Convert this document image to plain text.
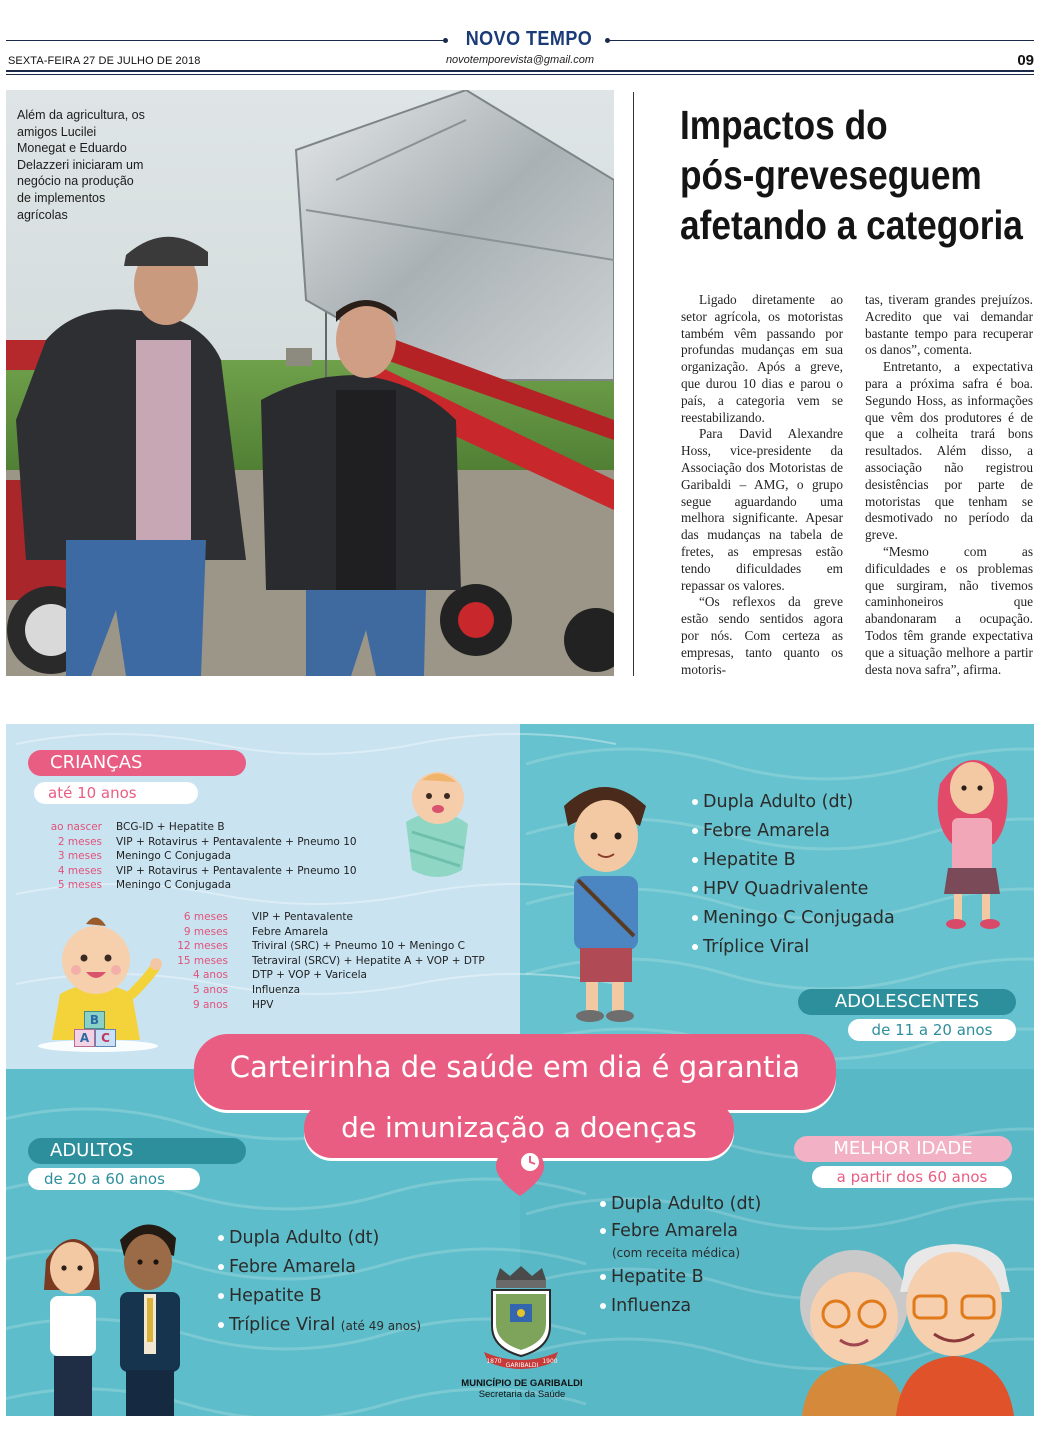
NOVO TEMPO
SEXTA-FEIRA 27 DE JULHO DE 2018	novotemporevista@gmail.com	09
Além da agricultura, os amigos Lucilei Monegat e Eduardo Delazzeri iniciaram um negócio na produção de implementos agrícolas
Impactos do
pós-greveseguem
afetando a categoria

Ligado diretamente ao setor agrícola, os motoristas também vêm passando por profundas mudanças em sua organização. Após a greve, que durou 10 dias e parou o país, a categoria vem se reestabilizando.

Para David Alexandre Hoss, vice-presidente da Associação dos Motoristas de Garibaldi – AMG, o grupo segue aguardando uma melhora significante. Apesar das mudanças na tabela de fretes, as empresas estão tendo dificuldades em repassar os valores.

“Os reflexos da greve estão sendo sentidos agora por nós. Com certeza as empresas, tanto quanto os motoris-

tas, tiveram grandes prejuízos. Acredito que vai demandar bastante tempo para recuperar os danos”, comenta.

Entretanto, a expectativa para a próxima safra é boa. Segundo Hoss, as informações que vêm dos produtores é de que a colheita trará bons resultados. Além disso, a associação não registrou desistências por parte de motoristas que tenham se desmotivado no período da greve.

“Mesmo com as dificuldades e os problemas que surgiram, não tivemos caminhoneiros que abandonaram a ocupação. Todos têm grande expectativa que a situação melhore a partir desta nova safra”, afirma.

CRIANÇAS
até 10 anos
ao nascer BCG-ID + Hepatite B
2 meses VIP + Rotavirus + Pentavalente + Pneumo 10
3 meses Meningo C Conjugada
4 meses VIP + Rotavirus + Pentavalente + Pneumo 10
5 meses Meningo C Conjugada
6 meses VIP + Pentavalente
9 meses Febre Amarela
12 meses Triviral (SRC) + Pneumo 10 + Meningo C
15 meses Tetraviral (SRCV) + Hepatite A + VOP + DTP
4 anos DTP + VOP + Varicela
5 anos Influenza
9 anos HPV
B
A C
Dupla Adulto (dt)
Febre Amarela
Hepatite B
HPV Quadrivalente
Meningo C Conjugada
Tríplice Viral
ADOLESCENTES
de 11 a 20 anos
Carteirinha de saúde em dia é garantia
de imunização a doenças
ADULTOS
de 20 a 60 anos
Dupla Adulto (dt)
Febre Amarela
Hepatite B
Tríplice Viral (até 49 anos)
MELHOR IDADE
a partir dos 60 anos
Dupla Adulto (dt)
Febre Amarela
(com receita médica)
Hepatite B
Influenza
1870
GARIBALDI
1900
MUNICÍPIO DE GARIBALDI
Secretaria da Saúde
